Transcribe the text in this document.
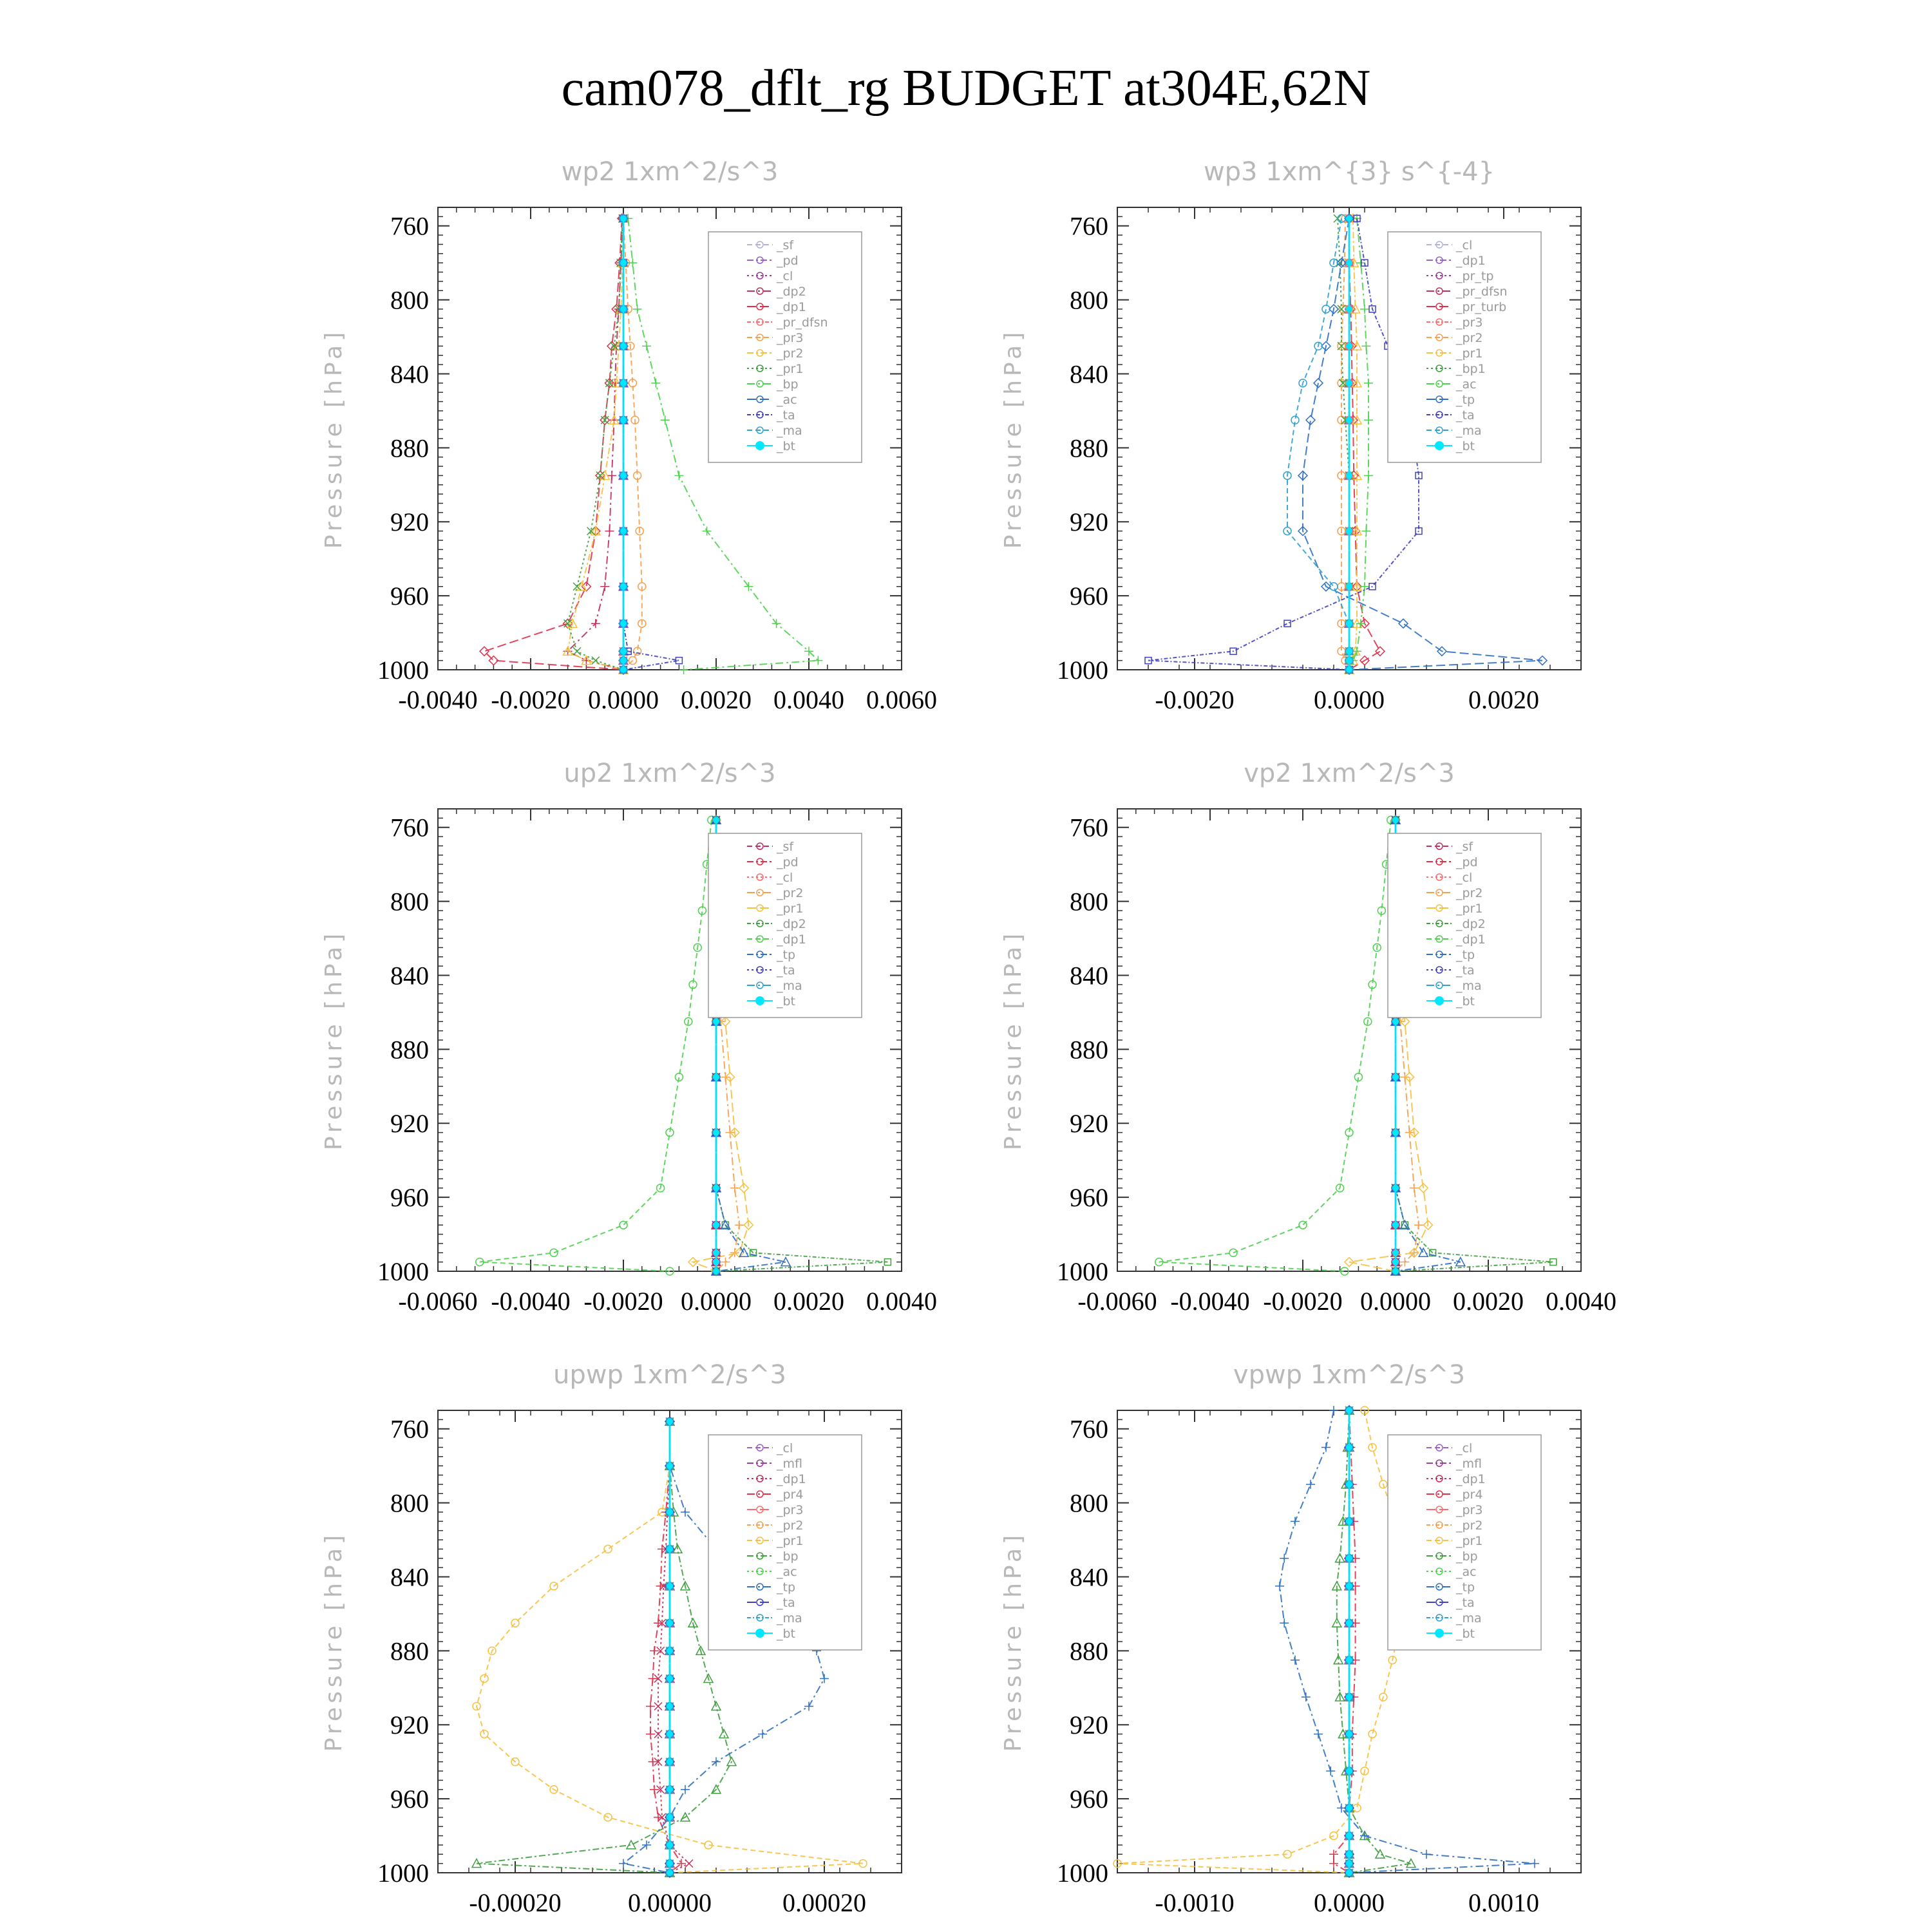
cam078_dflt_rg BUDGET at304E,62N
wp2 1xm^2/s^3
Pressure [hPa]
760
800
840
880
920
960
1000
-0.0040 -0.0020 0.0000 0.0020 0.0040 0.0060
_sf
_pd
_cl
_dp2
_dp1
_pr_dfsn
_pr3
_pr2
_pr1
_bp
_ac
_ta
_ma
_bt
wp3 1xm^{3} s^{-4}
Pressure [hPa]
760
800
840
880
920
960
1000
-0.0020	0.0000	0.0020
_cl
_dp1
_pr_tp
_pr_dfsn
_pr_turb
_pr3
_pr2
_pr1
_bp1
_ac
_tp
_ta
_ma
_bt
up2 1xm^2/s^3
Pressure [hPa]
760
800
840
880
920
960
1000
-0.0060 -0.0040 -0.0020 0.0000 0.0020 0.0040
_sf
_pd
_cl
_pr2
_pr1
_dp2
_dp1
_tp
_ta
_ma
_bt
vp2 1xm^2/s^3
Pressure [hPa]
760
800
840
880
920
960
1000
-0.0060 -0.0040 -0.0020 0.0000 0.0020 0.0040
_sf
_pd
_cl
_pr2
_pr1
_dp2
_dp1
_tp
_ta
_ma
_bt
upwp 1xm^2/s^3
Pressure [hPa]
760
800
840
880
920
960
1000
-0.00020	0.00000	0.00020
_cl
_mfl
_dp1
_pr4
_pr3
_pr2
_pr1
_bp
_ac
_tp
_ta
_ma
_bt
vpwp 1xm^2/s^3
Pressure [hPa]
760
800
840
880
920
960
1000
-0.0010	0.0000	0.0010
_cl
_mfl
_dp1
_pr4
_pr3
_pr2
_pr1
_bp
_ac
_tp
_ta
_ma
_bt
